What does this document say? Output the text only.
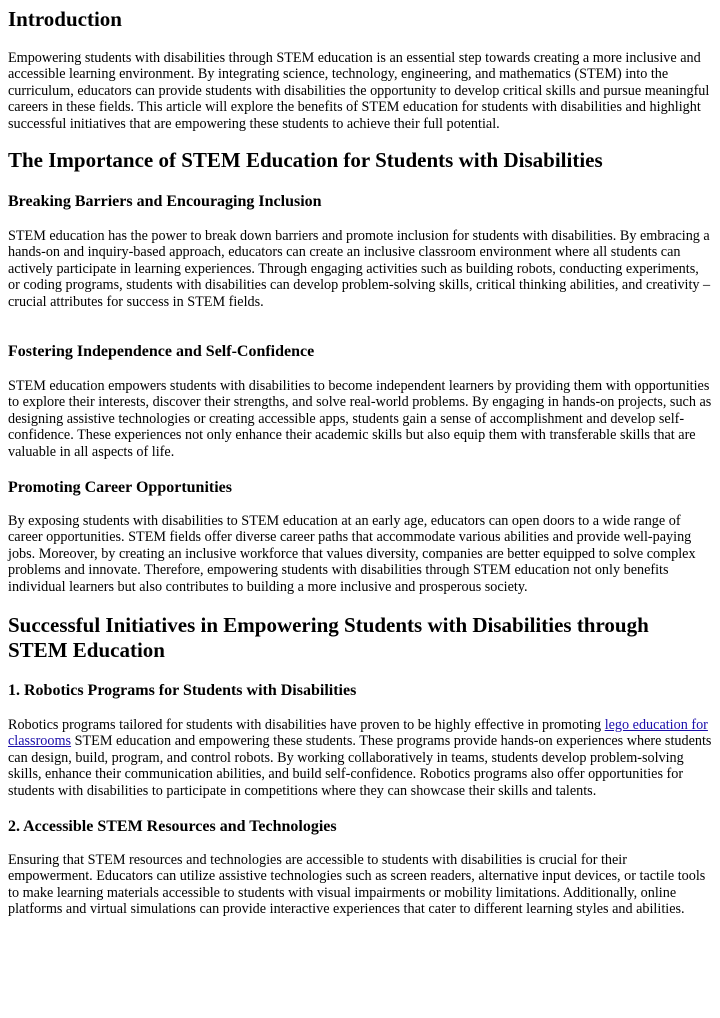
Introduction

Empowering students with disabilities through STEM education is an essential step towards creating a more inclusive and accessible learning environment. By integrating science, technology, engineering, and mathematics (STEM) into the curriculum, educators can provide students with disabilities the opportunity to develop critical skills and pursue meaningful careers in these fields. This article will explore the benefits of STEM education for students with disabilities and highlight successful initiatives that are empowering these students to achieve their full potential.

The Importance of STEM Education for Students with Disabilities
Breaking Barriers and Encouraging Inclusion

STEM education has the power to break down barriers and promote inclusion for students with disabilities. By embracing a hands-on and inquiry-based approach, educators can create an inclusive classroom environment where all students can actively participate in learning experiences. Through engaging activities such as building robots, conducting experiments, or coding programs, students with disabilities can develop problem-solving skills, critical thinking abilities, and creativity – crucial attributes for success in STEM fields.

Fostering Independence and Self-Confidence

STEM education empowers students with disabilities to become independent learners by providing them with opportunities to explore their interests, discover their strengths, and solve real-world problems. By engaging in hands-on projects, such as designing assistive technologies or creating accessible apps, students gain a sense of accomplishment and develop self-confidence. These experiences not only enhance their academic skills but also equip them with transferable skills that are valuable in all aspects of life.

Promoting Career Opportunities

By exposing students with disabilities to STEM education at an early age, educators can open doors to a wide range of career opportunities. STEM fields offer diverse career paths that accommodate various abilities and provide well-paying jobs. Moreover, by creating an inclusive workforce that values diversity, companies are better equipped to solve complex problems and innovate. Therefore, empowering students with disabilities through STEM education not only benefits individual learners but also contributes to building a more inclusive and prosperous society.

Successful Initiatives in Empowering Students with Disabilities through STEM Education
1. Robotics Programs for Students with Disabilities

Robotics programs tailored for students with disabilities have proven to be highly effective in promoting lego education for classrooms STEM education and empowering these students. These programs provide hands-on experiences where students can design, build, program, and control robots. By working collaboratively in teams, students develop problem-solving skills, enhance their communication abilities, and build self-confidence. Robotics programs also offer opportunities for students with disabilities to participate in competitions where they can showcase their skills and talents.

2. Accessible STEM Resources and Technologies

Ensuring that STEM resources and technologies are accessible to students with disabilities is crucial for their empowerment. Educators can utilize assistive technologies such as screen readers, alternative input devices, or tactile tools to make learning materials accessible to students with visual impairments or mobility limitations. Additionally, online platforms and virtual simulations can provide interactive experiences that cater to different learning styles and abilities.
